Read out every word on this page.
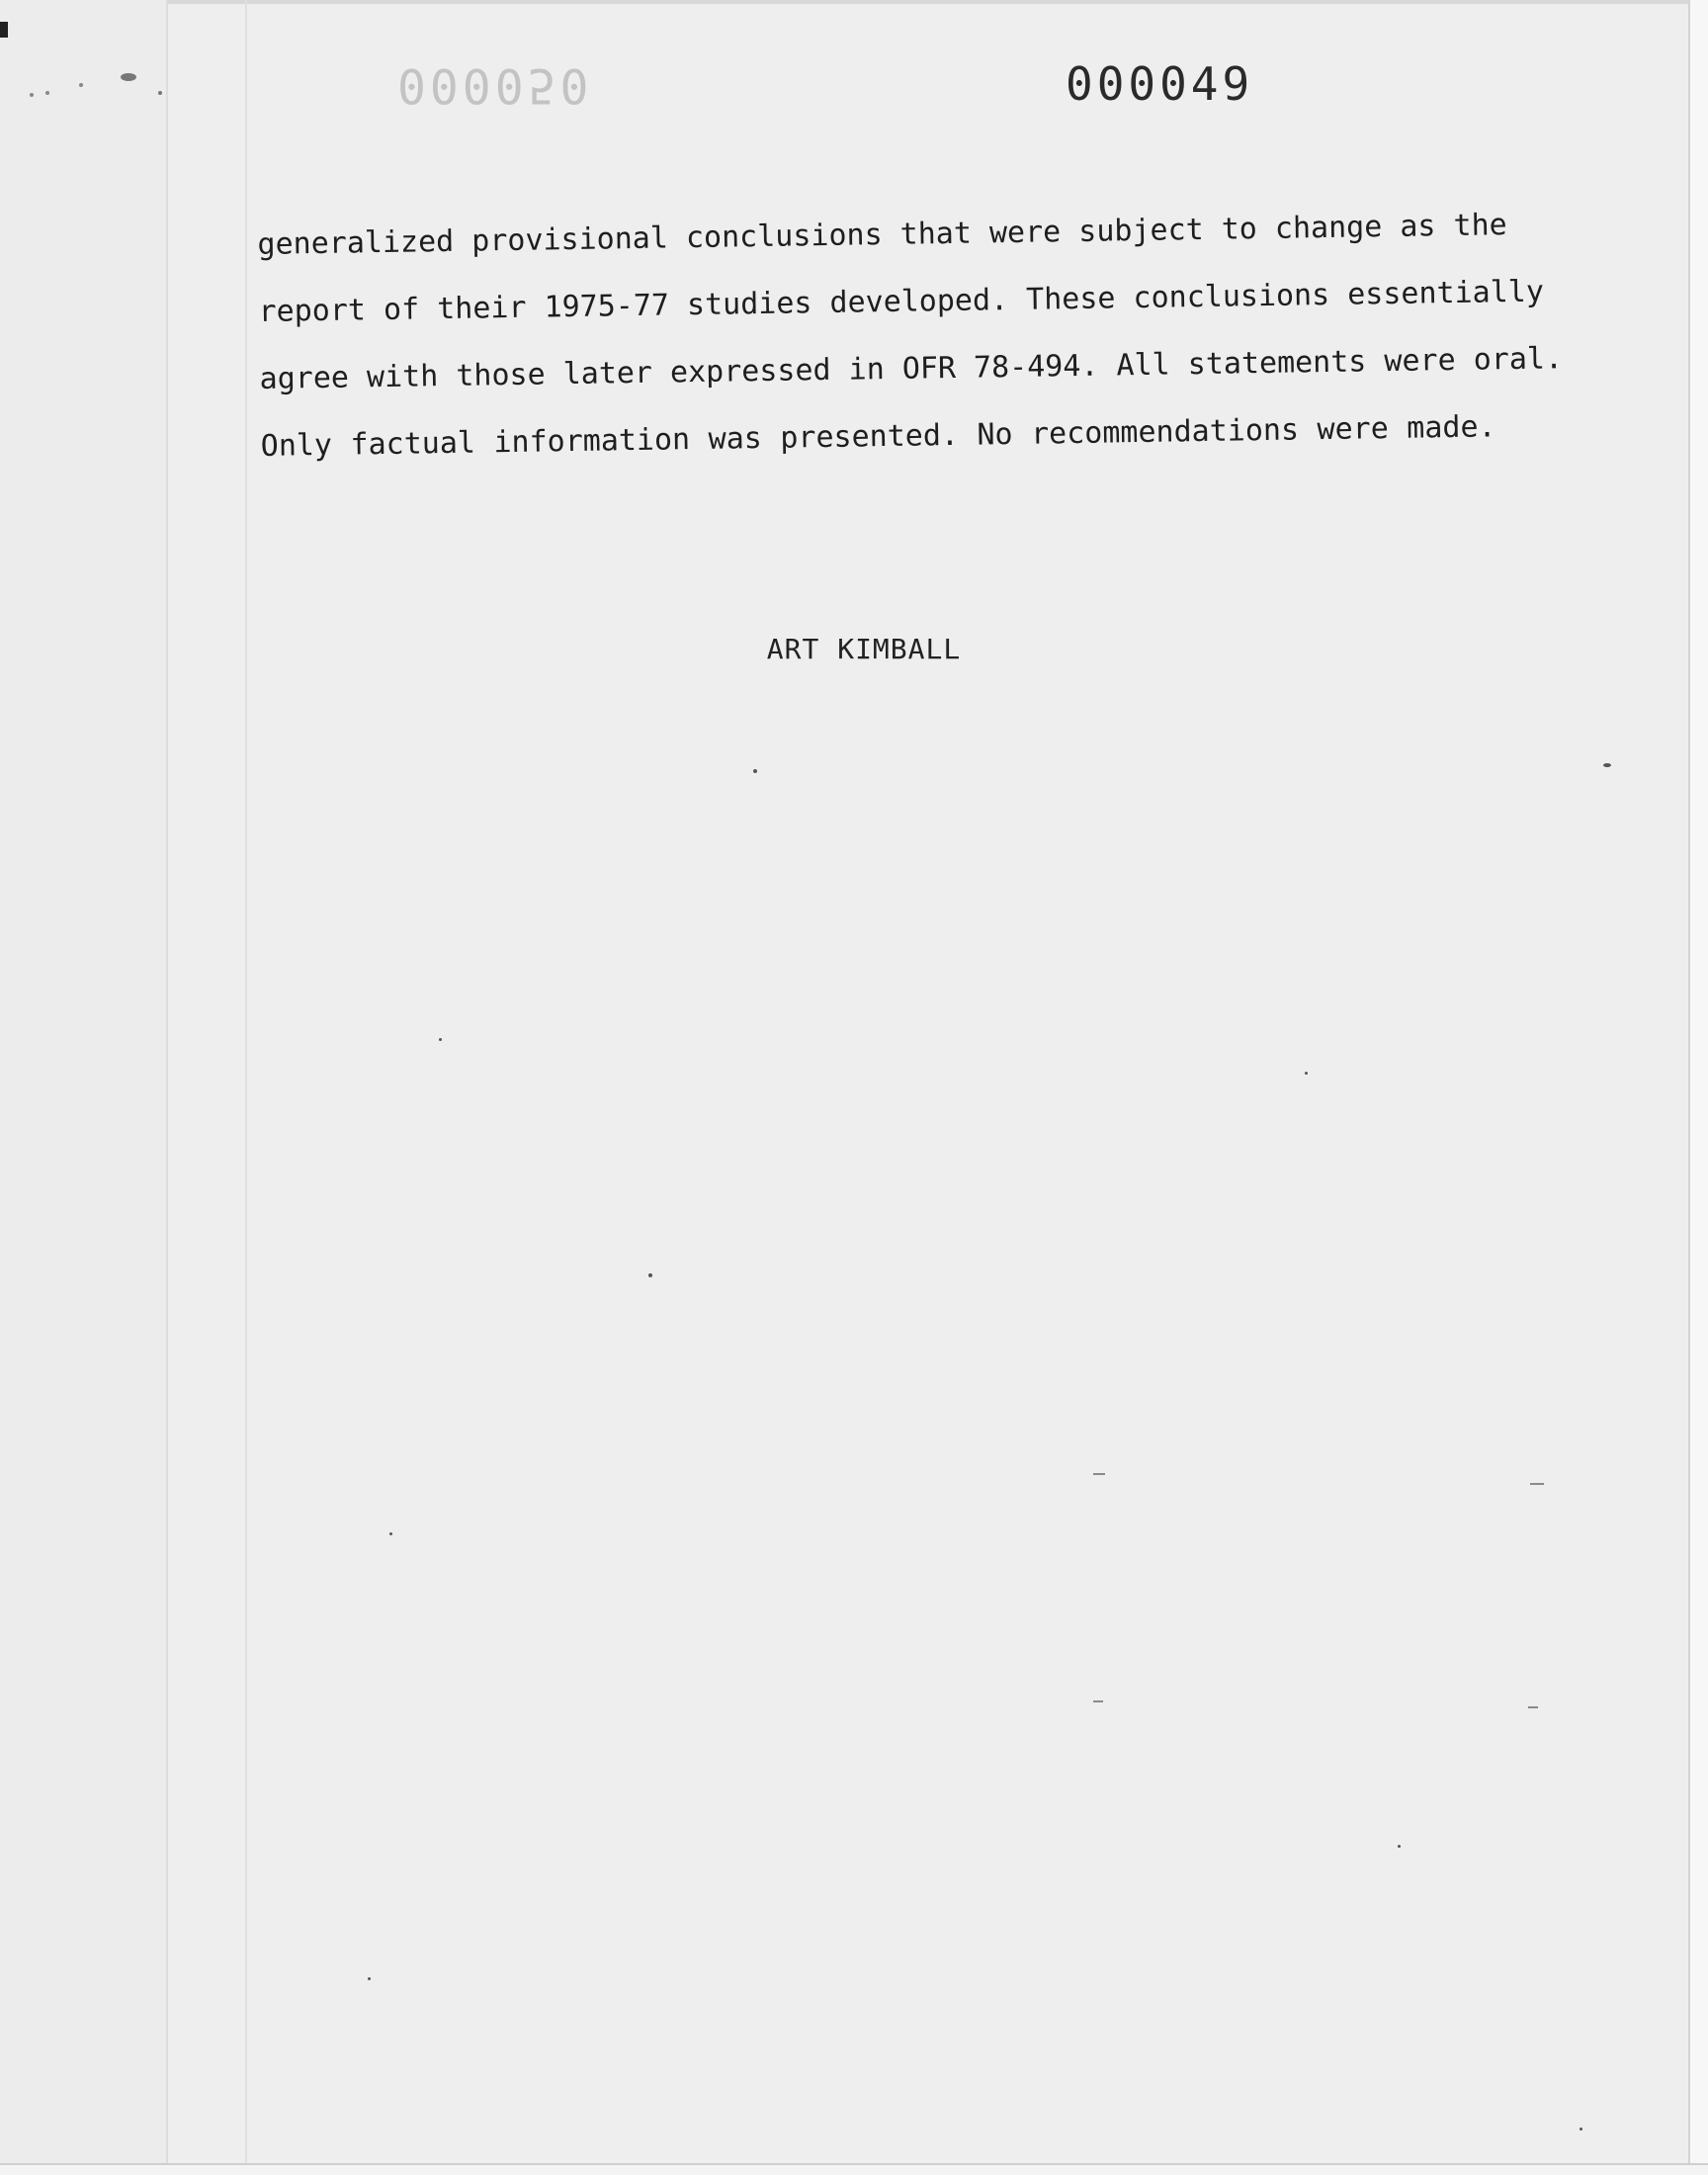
000050	000049
generalized provisional conclusions that were subject to change as the
report of their 1975-77 studies developed. These conclusions essentially
agree with those later expressed in OFR 78-494. All statements were oral.
Only factual information was presented. No recommendations were made.
ART KIMBALL
